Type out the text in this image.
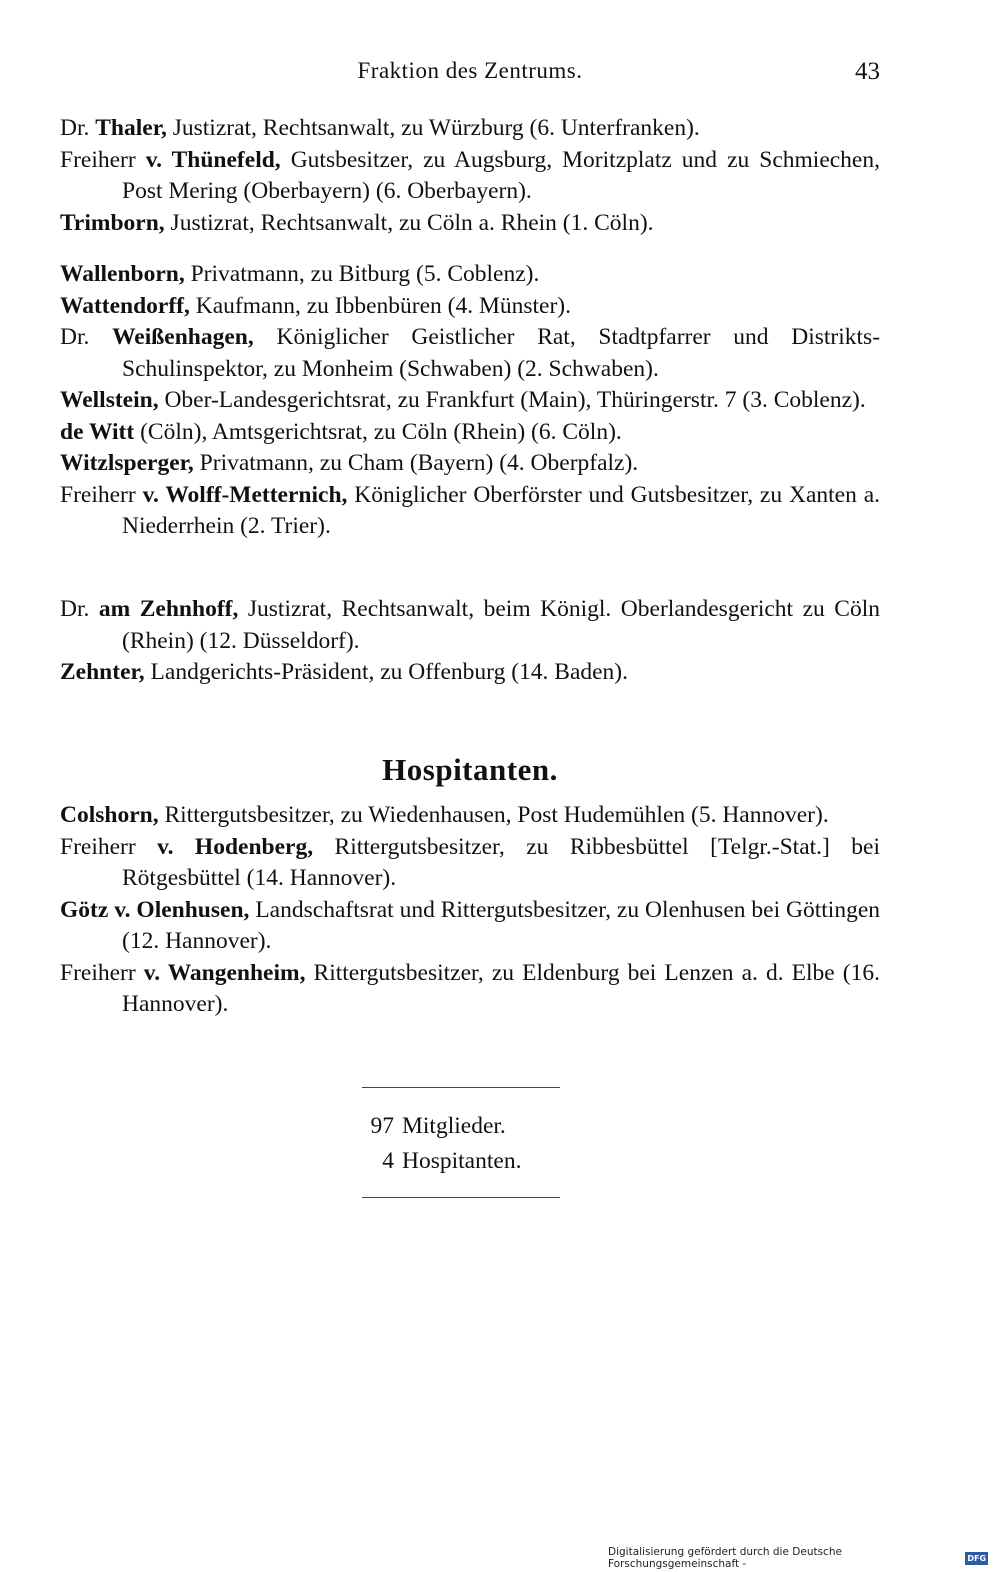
Fraktion des Zentrums.	43

Dr. Thaler, Justizrat, Rechtsanwalt, zu Würzburg (6. Unterfranken).

Freiherr v. Thünefeld, Gutsbesitzer, zu Augsburg, Moritzplatz und zu Schmiechen, Post Mering (Oberbayern) (6. Oberbayern).

Trimborn, Justizrat, Rechtsanwalt, zu Cöln a. Rhein (1. Cöln).

Wallenborn, Privatmann, zu Bitburg (5. Coblenz).

Wattendorff, Kaufmann, zu Ibbenbüren (4. Münster).

Dr. Weißenhagen, Königlicher Geistlicher Rat, Stadtpfarrer und Distrikts-Schulinspektor, zu Monheim (Schwaben) (2. Schwaben).

Wellstein, Ober-Landesgerichtsrat, zu Frankfurt (Main), Thüringerstr. 7 (3. Coblenz).

de Witt (Cöln), Amtsgerichtsrat, zu Cöln (Rhein) (6. Cöln).

Witzlsperger, Privatmann, zu Cham (Bayern) (4. Oberpfalz).

Freiherr v. Wolff-Metternich, Königlicher Oberförster und Gutsbesitzer, zu Xanten a. Niederrhein (2. Trier).

Dr. am Zehnhoff, Justizrat, Rechtsanwalt, beim Königl. Oberlandesgericht zu Cöln (Rhein) (12. Düsseldorf).

Zehnter, Landgerichts-Präsident, zu Offenburg (14. Baden).

Hospitanten.

Colshorn, Rittergutsbesitzer, zu Wiedenhausen, Post Hudemühlen (5. Hannover).

Freiherr v. Hodenberg, Rittergutsbesitzer, zu Ribbesbüttel [Telgr.-Stat.] bei Rötgesbüttel (14. Hannover).

Götz v. Olenhusen, Landschaftsrat und Rittergutsbesitzer, zu Olenhusen bei Göttingen (12. Hannover).

Freiherr v. Wangenheim, Rittergutsbesitzer, zu Eldenburg bei Lenzen a. d. Elbe (16. Hannover).

97 Mitglieder.
4 Hospitanten.
Digitalisierung gefördert durch die Deutsche Forschungsgemeinschaft -	DFG
